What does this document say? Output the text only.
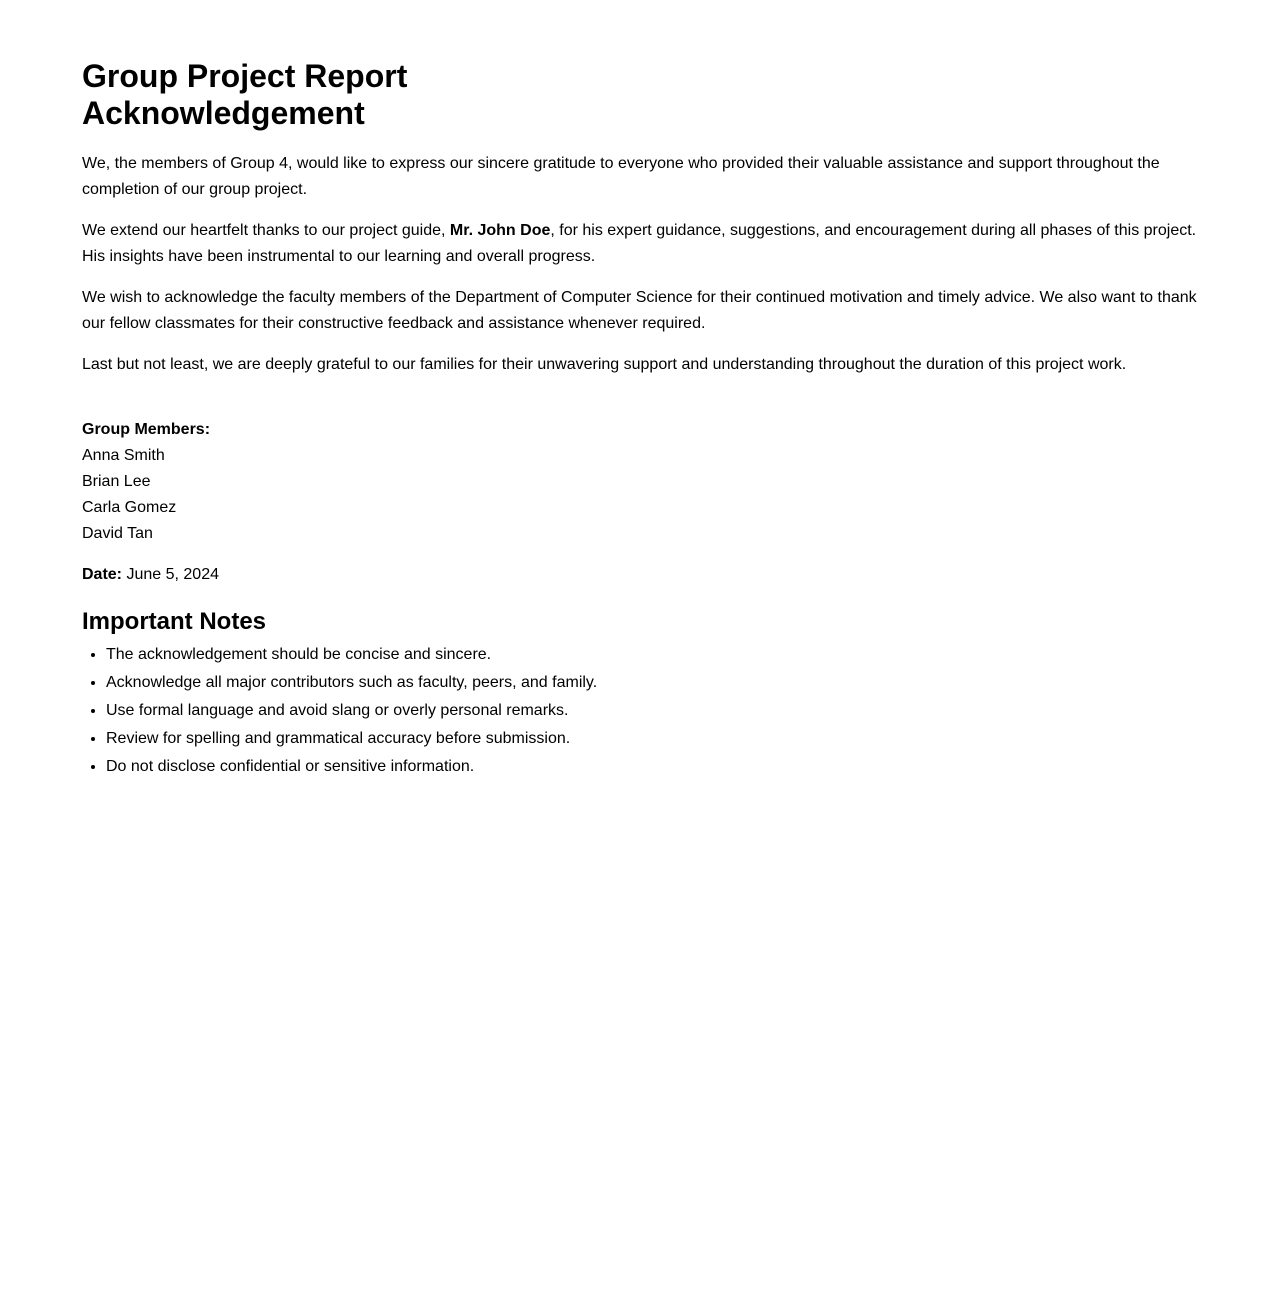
Group Project Report
Acknowledgement

We, the members of Group 4, would like to express our sincere gratitude to everyone who provided their valuable assistance and support throughout the completion of our group project.

We extend our heartfelt thanks to our project guide, Mr. John Doe, for his expert guidance, suggestions, and encouragement during all phases of this project. His insights have been instrumental to our learning and overall progress.

We wish to acknowledge the faculty members of the Department of Computer Science for their continued motivation and timely advice. We also want to thank our fellow classmates for their constructive feedback and assistance whenever required.

Last but not least, we are deeply grateful to our families for their unwavering support and understanding throughout the duration of this project work.

Group Members:
Anna Smith
Brian Lee
Carla Gomez
David Tan
Date: June 5, 2024
Important Notes
• The acknowledgement should be concise and sincere.
• Acknowledge all major contributors such as faculty, peers, and family.
• Use formal language and avoid slang or overly personal remarks.
• Review for spelling and grammatical accuracy before submission.
• Do not disclose confidential or sensitive information.
